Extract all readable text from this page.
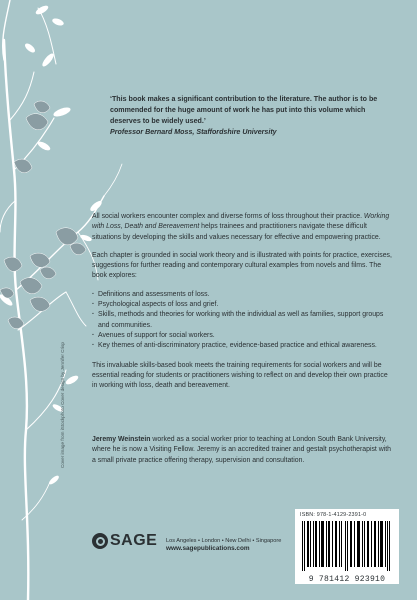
‘This book makes a significant contribution to the literature. The author is to be commended for the huge amount of work he has put into this volume which deserves to be widely used.’
Professor Bernard Moss, Staffordshire University

All social workers encounter complex and diverse forms of loss throughout their practice. Working with Loss, Death and Bereavement helps trainees and practitioners navigate these difficult situations by developing the skills and values necessary for effective and empowering practice.

Each chapter is grounded in social work theory and is illustrated with points for practice, exercises, suggestions for further reading and contemporary cultural examples from novels and films. The book explores:

· Definitions and assessments of loss.
· Psychological aspects of loss and grief.
· Skills, methods and theories for working with the individual as well as families, support groups and communities.
· Avenues of support for social workers.
· Key themes of anti-discriminatory practice, evidence-based practice and ethical awareness.

This invaluable skills-based book meets the training requirements for social workers and will be essential reading for students or practitioners wishing to reflect on and develop their own practice in working with loss, death and bereavement.

Jeremy Weinstein worked as a social worker prior to teaching at London South Bank University, where he is now a Visiting Fellow. Jeremy is an accredited trainer and gestalt psychotherapist with a small private practice offering therapy, supervision and consultation.
Cover image from iStockphoto Cover design by Jennifer Crisp
SAGE Los Angeles • London • New Delhi • Singapore
www.sagepublications.com
ISBN: 978-1-4129-2391-0
9 781412 923910
